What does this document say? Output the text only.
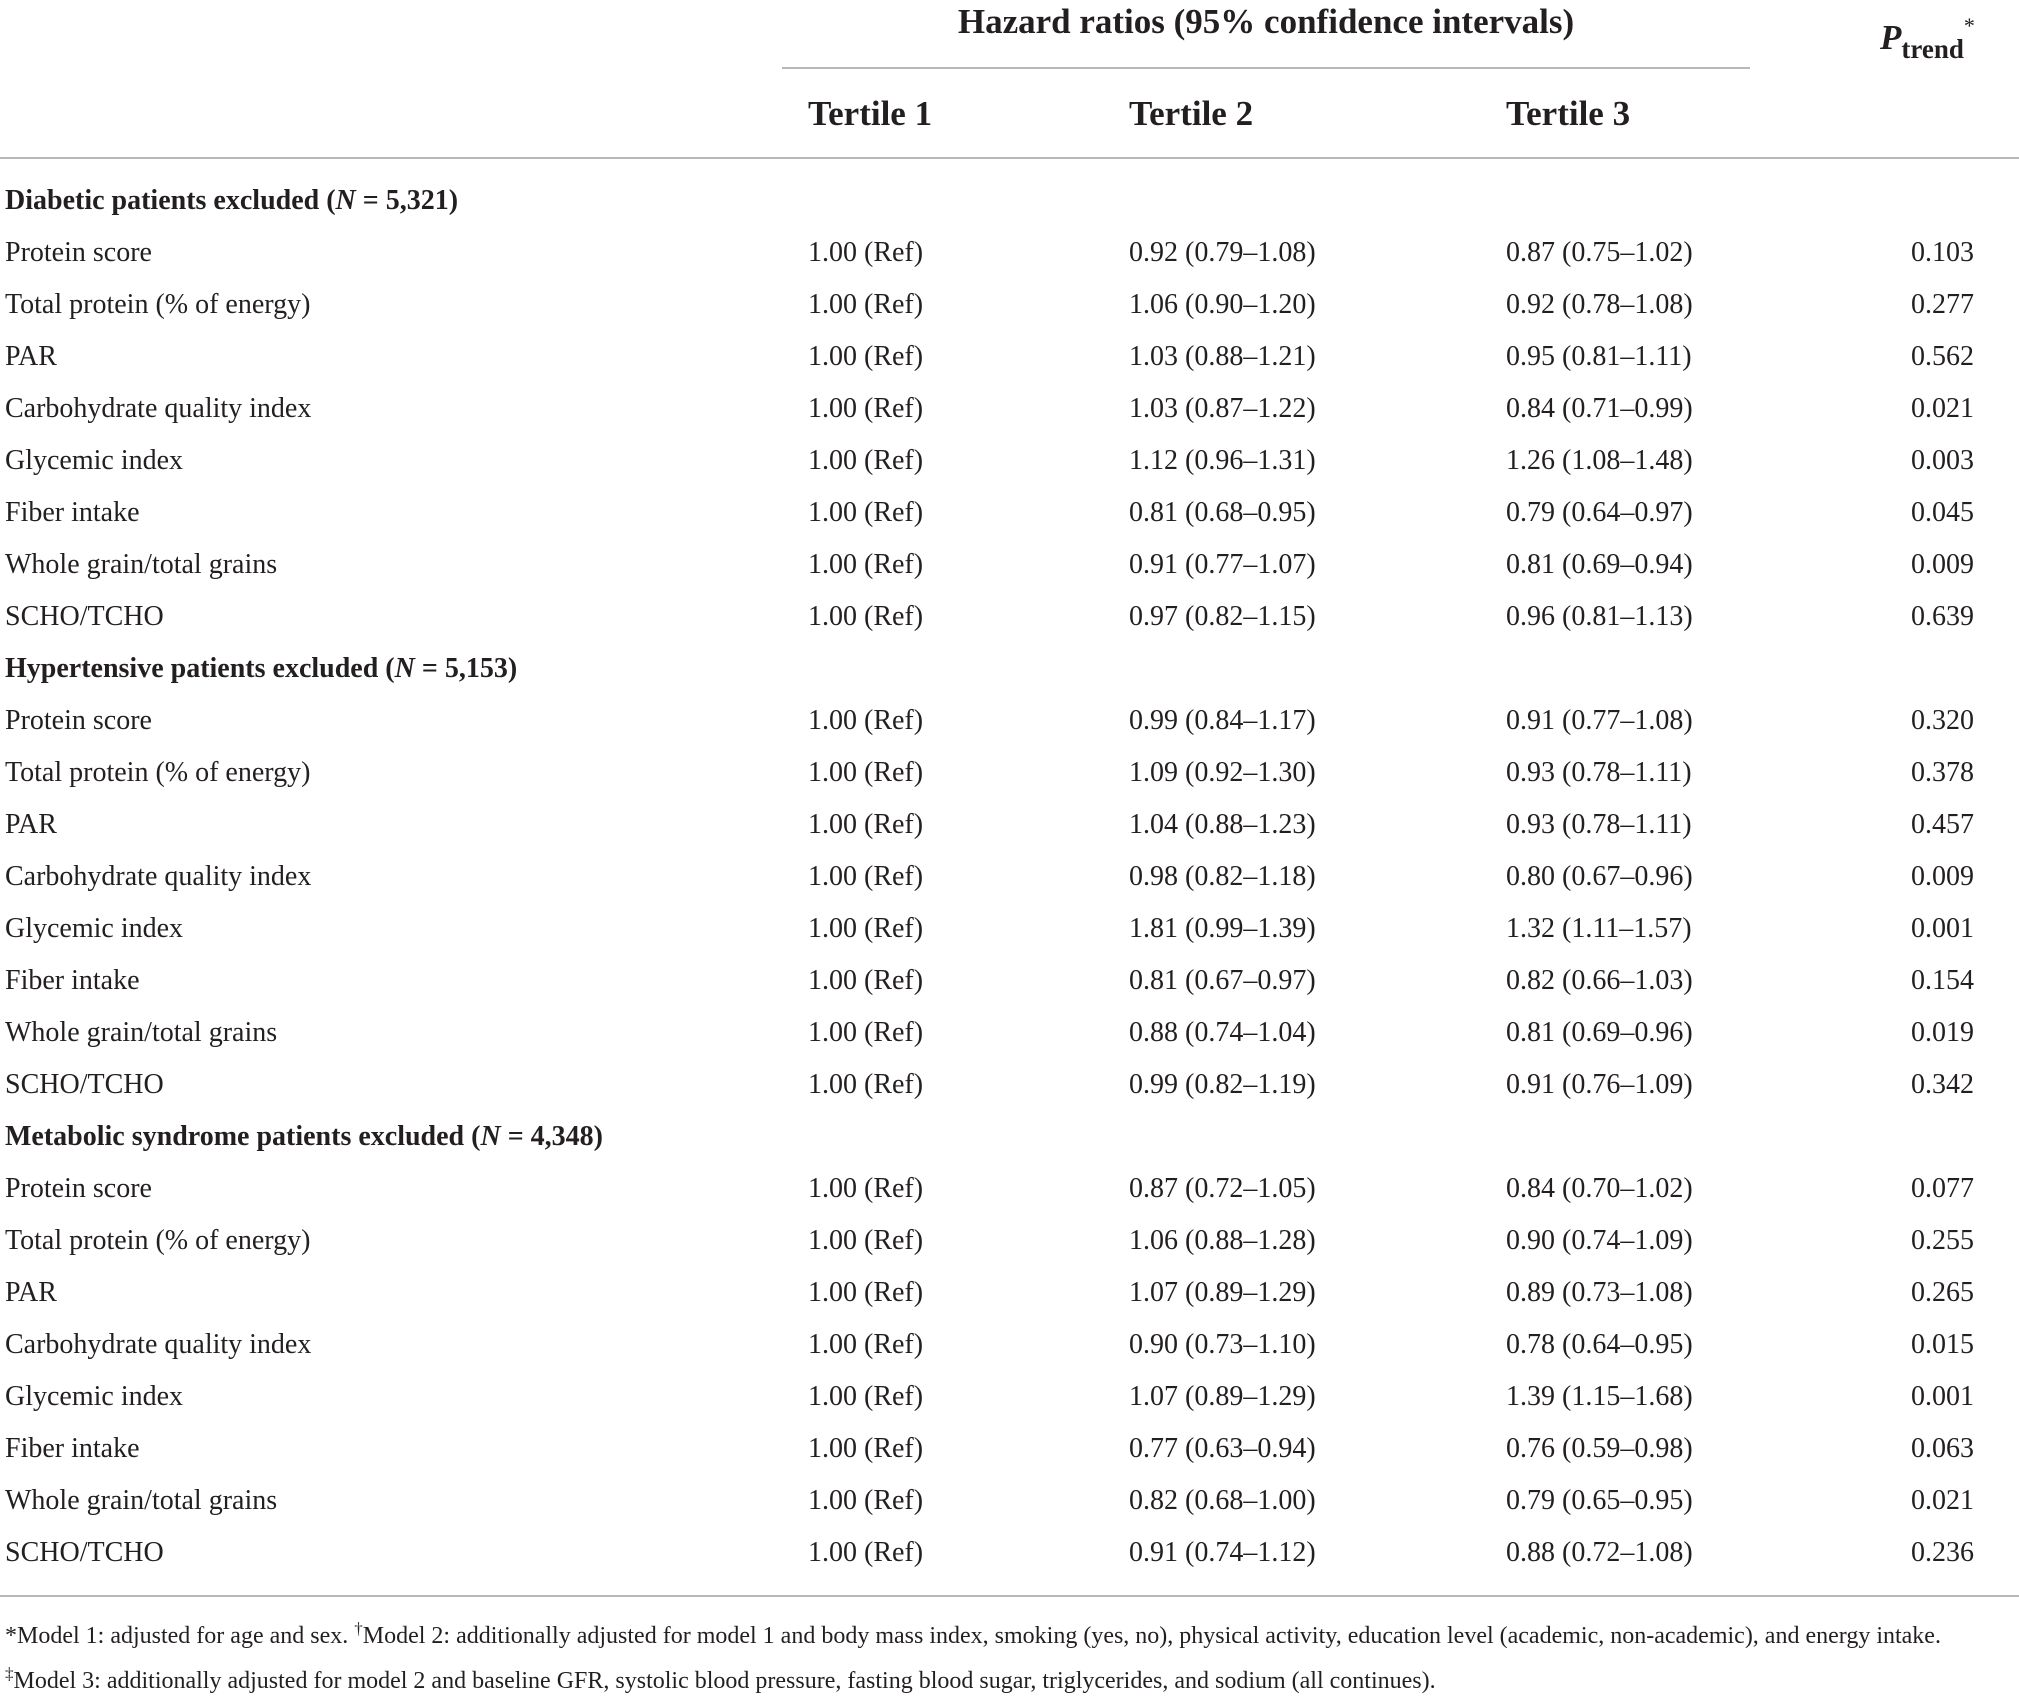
Hazard ratios (95% confidence intervals)	$P_{trend}^*$
Tertile 1	Tertile 2	Tertile 3
Diabetic patients excluded (N = 5,321)
Protein score	1.00 (Ref)	0.92 (0.79–1.08)	0.87 (0.75–1.02)	0.103
Total protein (% of energy)	1.00 (Ref)	1.06 (0.90–1.20)	0.92 (0.78–1.08)	0.277
PAR	1.00 (Ref)	1.03 (0.88–1.21)	0.95 (0.81–1.11)	0.562
Carbohydrate quality index	1.00 (Ref)	1.03 (0.87–1.22)	0.84 (0.71–0.99)	0.021
Glycemic index	1.00 (Ref)	1.12 (0.96–1.31)	1.26 (1.08–1.48)	0.003
Fiber intake	1.00 (Ref)	0.81 (0.68–0.95)	0.79 (0.64–0.97)	0.045
Whole grain/total grains	1.00 (Ref)	0.91 (0.77–1.07)	0.81 (0.69–0.94)	0.009
SCHO/TCHO	1.00 (Ref)	0.97 (0.82–1.15)	0.96 (0.81–1.13)	0.639
Hypertensive patients excluded (N = 5,153)
Protein score	1.00 (Ref)	0.99 (0.84–1.17)	0.91 (0.77–1.08)	0.320
Total protein (% of energy)	1.00 (Ref)	1.09 (0.92–1.30)	0.93 (0.78–1.11)	0.378
PAR	1.00 (Ref)	1.04 (0.88–1.23)	0.93 (0.78–1.11)	0.457
Carbohydrate quality index	1.00 (Ref)	0.98 (0.82–1.18)	0.80 (0.67–0.96)	0.009
Glycemic index	1.00 (Ref)	1.81 (0.99–1.39)	1.32 (1.11–1.57)	0.001
Fiber intake	1.00 (Ref)	0.81 (0.67–0.97)	0.82 (0.66–1.03)	0.154
Whole grain/total grains	1.00 (Ref)	0.88 (0.74–1.04)	0.81 (0.69–0.96)	0.019
SCHO/TCHO	1.00 (Ref)	0.99 (0.82–1.19)	0.91 (0.76–1.09)	0.342
Metabolic syndrome patients excluded (N = 4,348)
Protein score	1.00 (Ref)	0.87 (0.72–1.05)	0.84 (0.70–1.02)	0.077
Total protein (% of energy)	1.00 (Ref)	1.06 (0.88–1.28)	0.90 (0.74–1.09)	0.255
PAR	1.00 (Ref)	1.07 (0.89–1.29)	0.89 (0.73–1.08)	0.265
Carbohydrate quality index	1.00 (Ref)	0.90 (0.73–1.10)	0.78 (0.64–0.95)	0.015
Glycemic index	1.00 (Ref)	1.07 (0.89–1.29)	1.39 (1.15–1.68)	0.001
Fiber intake	1.00 (Ref)	0.77 (0.63–0.94)	0.76 (0.59–0.98)	0.063
Whole grain/total grains	1.00 (Ref)	0.82 (0.68–1.00)	0.79 (0.65–0.95)	0.021
SCHO/TCHO	1.00 (Ref)	0.91 (0.74–1.12)	0.88 (0.72–1.08)	0.236
*Model 1: adjusted for age and sex. †Model 2: additionally adjusted for model 1 and body mass index, smoking (yes, no), physical activity, education level (academic, non-academic), and energy intake. ‡Model 3: additionally adjusted for model 2 and baseline GFR, systolic blood pressure, fasting blood sugar, triglycerides, and sodium (all continues).
